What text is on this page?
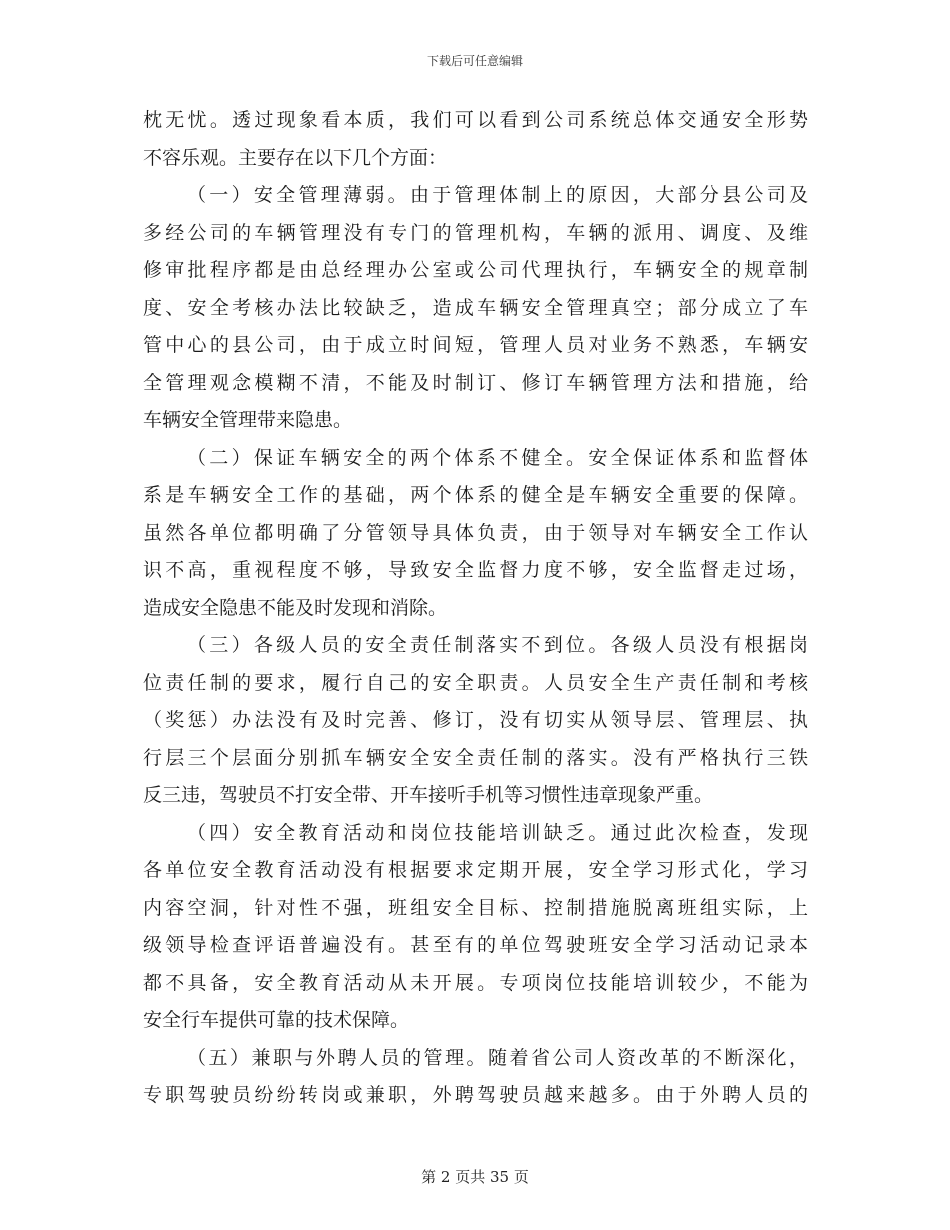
下载后可任意编辑
枕无忧。透过现象看本质，我们可以看到公司系统总体交通安全形势
不容乐观。主要存在以下几个方面：
（一）安全管理薄弱。由于管理体制上的原因，大部分县公司及
多经公司的车辆管理没有专门的管理机构，车辆的派用、调度、及维
修审批程序都是由总经理办公室或公司代理执行，车辆安全的规章制
度、安全考核办法比较缺乏，造成车辆安全管理真空；部分成立了车
管中心的县公司，由于成立时间短，管理人员对业务不熟悉，车辆安
全管理观念模糊不清，不能及时制订、修订车辆管理方法和措施，给
车辆安全管理带来隐患。
（二）保证车辆安全的两个体系不健全。安全保证体系和监督体
系是车辆安全工作的基础，两个体系的健全是车辆安全重要的保障。
虽然各单位都明确了分管领导具体负责，由于领导对车辆安全工作认
识不高，重视程度不够，导致安全监督力度不够，安全监督走过场，
造成安全隐患不能及时发现和消除。
（三）各级人员的安全责任制落实不到位。各级人员没有根据岗
位责任制的要求，履行自己的安全职责。人员安全生产责任制和考核
（奖惩）办法没有及时完善、修订，没有切实从领导层、管理层、执
行层三个层面分别抓车辆安全安全责任制的落实。没有严格执行三铁
反三违，驾驶员不打安全带、开车接听手机等习惯性违章现象严重。
（四）安全教育活动和岗位技能培训缺乏。通过此次检查，发现
各单位安全教育活动没有根据要求定期开展，安全学习形式化，学习
内容空洞，针对性不强，班组安全目标、控制措施脱离班组实际，上
级领导检查评语普遍没有。甚至有的单位驾驶班安全学习活动记录本
都不具备，安全教育活动从未开展。专项岗位技能培训较少，不能为
安全行车提供可靠的技术保障。
（五）兼职与外聘人员的管理。随着省公司人资改革的不断深化，
专职驾驶员纷纷转岗或兼职，外聘驾驶员越来越多。由于外聘人员的
第 2 页共 35 页
